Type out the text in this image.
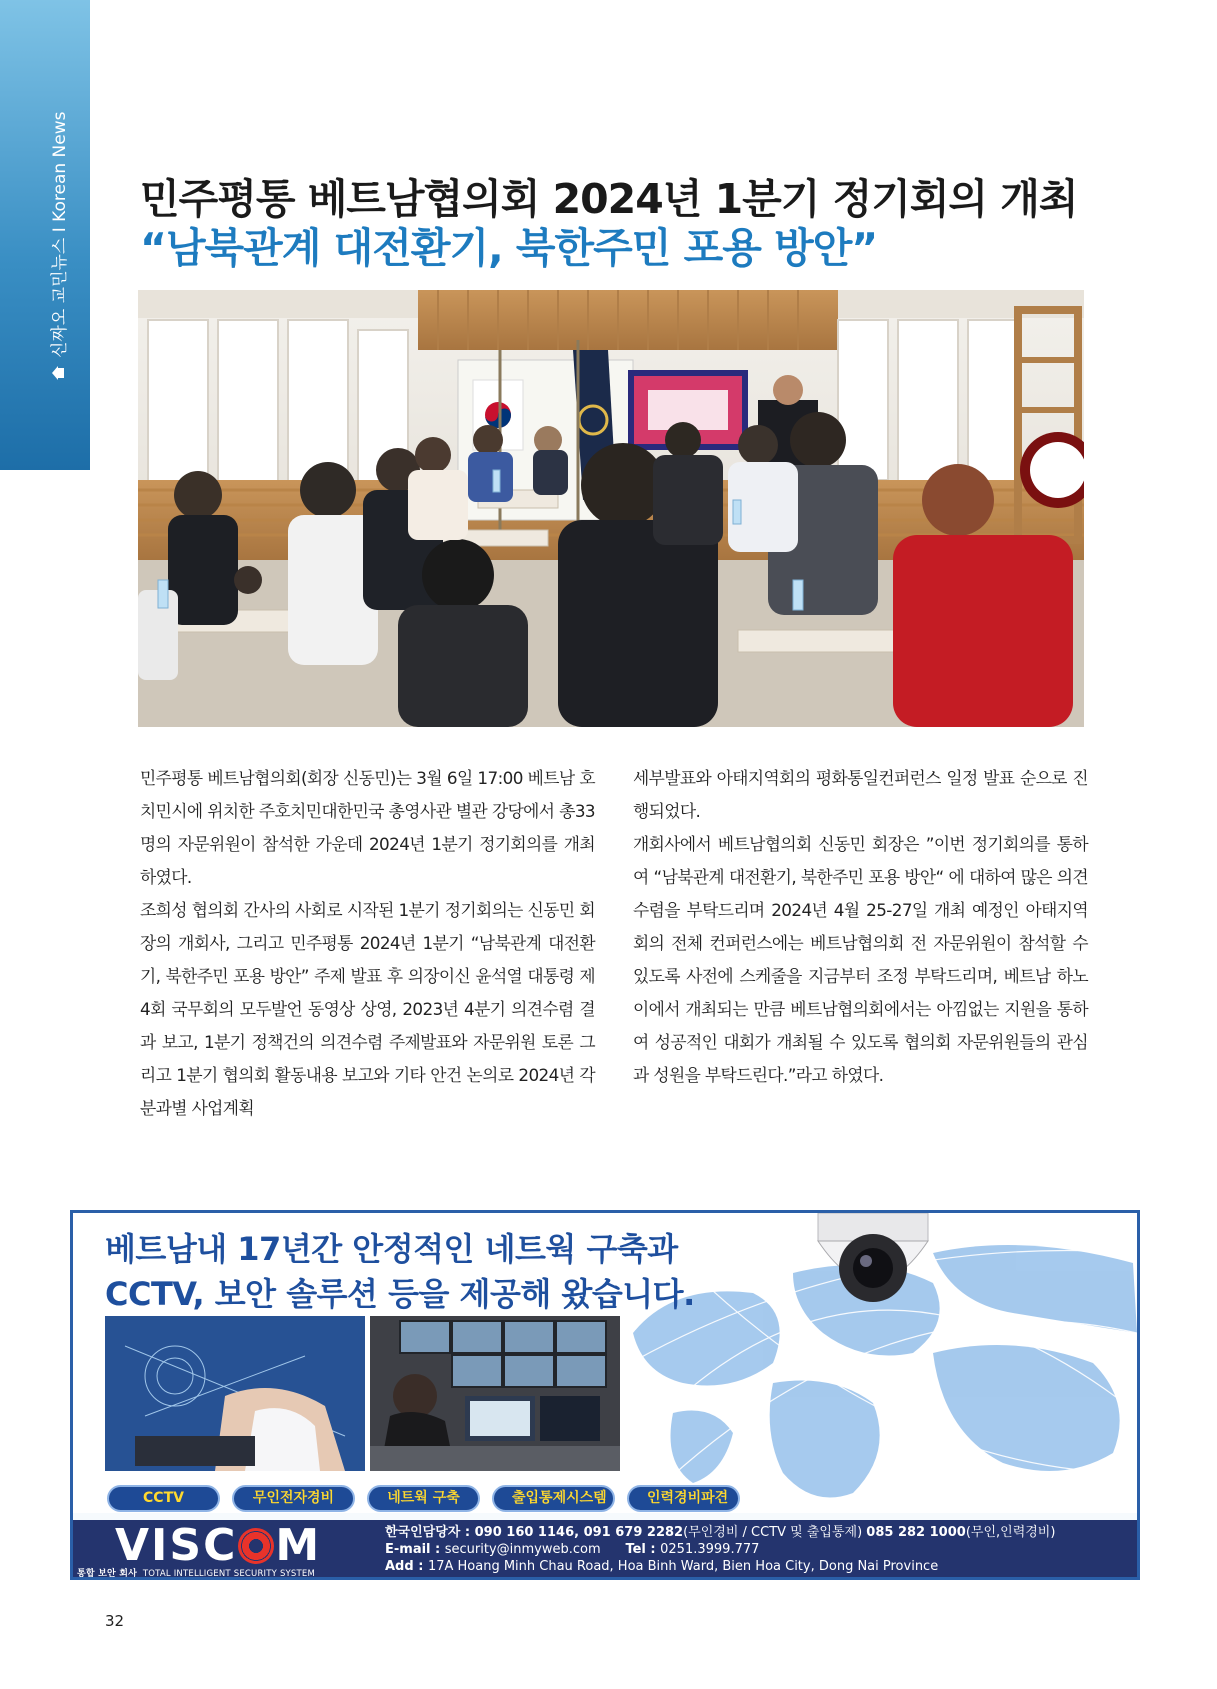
신짜오 교민뉴스 I Korean News 민주평통 베트남협의회 2024년 1분기 정기회의 개최
“남북관계 대전환기, 북한주민 포용 방안”

민주평통 베트남협의회(회장 신동민)는 3월 6일 17:00 베트남 호치민시에 위치한 주호치민대한민국 총영사관 별관 강당에서 총33명의 자문위원이 참석한 가운데 2024년 1분기 정기회의를 개최하였다.

조희성 협의회 간사의 사회로 시작된 1분기 정기회의는 신동민 회장의 개회사, 그리고 민주평통 2024년 1분기 “남북관계 대전환기, 북한주민 포용 방안” 주제 발표 후 의장이신 윤석열 대통령 제4회 국무회의 모두발언 동영상 상영, 2023년 4분기 의견수렴 결과 보고, 1분기 정책건의 의견수렴 주제발표와 자문위원 토론 그리고 1분기 협의회 활동내용 보고와 기타 안건 논의로 2024년 각 분과별 사업계획

세부발표와 아태지역회의 평화통일컨퍼런스 일정 발표 순으로 진행되었다.

개회사에서 베트남협의회 신동민 회장은 ”이번 정기회의를 통하여 “남북관계 대전환기, 북한주민 포용 방안“ 에 대하여 많은 의견수렴을 부탁드리며 2024년 4월 25-27일 개최 예정인 아태지역회의 전체 컨퍼런스에는 베트남협의회 전 자문위원이 참석할 수 있도록 사전에 스케줄을 지금부터 조정 부탁드리며, 베트남 하노이에서 개최되는 만큼 베트남협의회에서는 아낌없는 지원을 통하여 성공적인 대회가 개최될 수 있도록 협의회 자문위원들의 관심과 성원을 부탁드린다.”라고 하였다.

베트남내 17년간 안정적인 네트웍 구축과
CCTV, 보안 솔루션 등을 제공해 왔습니다.
CCTV	무인전자경비	네트웍 구축	출입통제시스템	인력경비파견
VISC M
통합 보안 회사 TOTAL INTELLIGENT SECURITY SYSTEM
한국인담당자 : 090 160 1146, 091 679 2282(무인경비 / CCTV 및 출입통제) 085 282 1000(무인,인력경비)
E-mail : security@inmyweb.com Tel : 0251.3999.777
Add : 17A Hoang Minh Chau Road, Hoa Binh Ward, Bien Hoa City, Dong Nai Province
32
